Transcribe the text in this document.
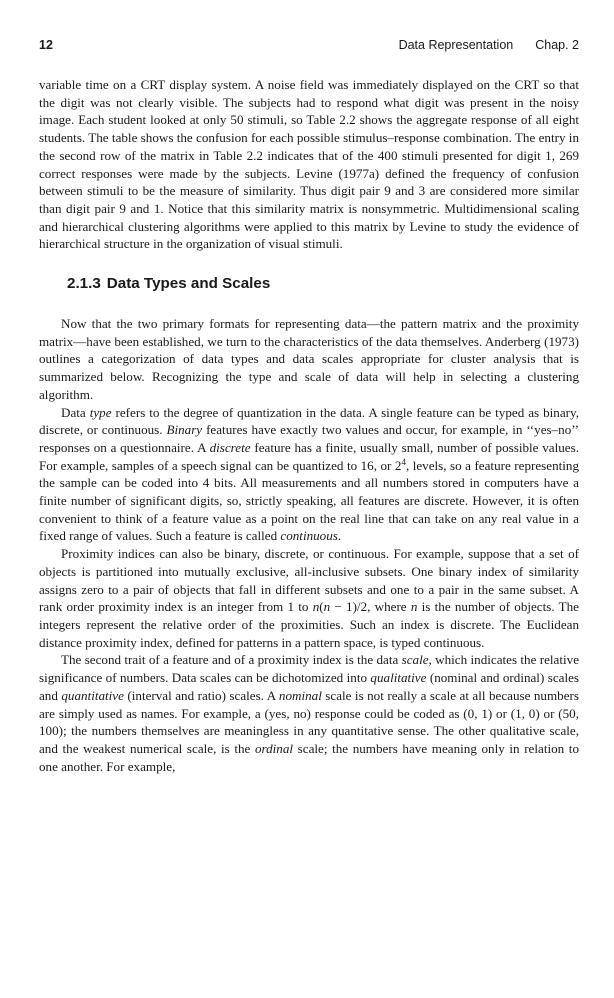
12	Data Representation Chap. 2

variable time on a CRT display system. A noise field was immediately displayed on the CRT so that the digit was not clearly visible. The subjects had to respond what digit was present in the noisy image. Each student looked at only 50 stimuli, so Table 2.2 shows the aggregate response of all eight students. The table shows the confusion for each possible stimulus–response combination. The entry in the second row of the matrix in Table 2.2 indicates that of the 400 stimuli presented for digit 1, 269 correct responses were made by the subjects. Levine (1977a) defined the frequency of confusion between stimuli to be the measure of similarity. Thus digit pair 9 and 3 are considered more similar than digit pair 9 and 1. Notice that this similarity matrix is nonsymmetric. Multidimensional scaling and hierarchical clustering algorithms were applied to this matrix by Levine to study the evidence of hierarchical structure in the organization of visual stimuli.

2.1.3 Data Types and Scales

Now that the two primary formats for representing data—the pattern matrix and the proximity matrix—have been established, we turn to the characteristics of the data themselves. Anderberg (1973) outlines a categorization of data types and data scales appropriate for cluster analysis that is summarized below. Recognizing the type and scale of data will help in selecting a clustering algorithm.

Data type refers to the degree of quantization in the data. A single feature can be typed as binary, discrete, or continuous. Binary features have exactly two values and occur, for example, in ‘‘yes–no’’ responses on a questionnaire. A discrete feature has a finite, usually small, number of possible values. For example, samples of a speech signal can be quantized to 16, or $2^4$, levels, so a feature representing the sample can be coded into 4 bits. All measurements and all numbers stored in computers have a finite number of significant digits, so, strictly speaking, all features are discrete. However, it is often convenient to think of a feature value as a point on the real line that can take on any real value in a fixed range of values. Such a feature is called continuous.

Proximity indices can also be binary, discrete, or continuous. For example, suppose that a set of objects is partitioned into mutually exclusive, all-inclusive subsets. One binary index of similarity assigns zero to a pair of objects that fall in different subsets and one to a pair in the same subset. A rank order proximity index is an integer from 1 to n(n − 1)/2, where n is the number of objects. The integers represent the relative order of the proximities. Such an index is discrete. The Euclidean distance proximity index, defined for patterns in a pattern space, is typed continuous.

The second trait of a feature and of a proximity index is the data scale, which indicates the relative significance of numbers. Data scales can be dichotomized into qualitative (nominal and ordinal) scales and quantitative (interval and ratio) scales. A nominal scale is not really a scale at all because numbers are simply used as names. For example, a (yes, no) response could be coded as (0, 1) or (1, 0) or (50, 100); the numbers themselves are meaningless in any quantitative sense. The other qualitative scale, and the weakest numerical scale, is the ordinal scale; the numbers have meaning only in relation to one another. For example,
